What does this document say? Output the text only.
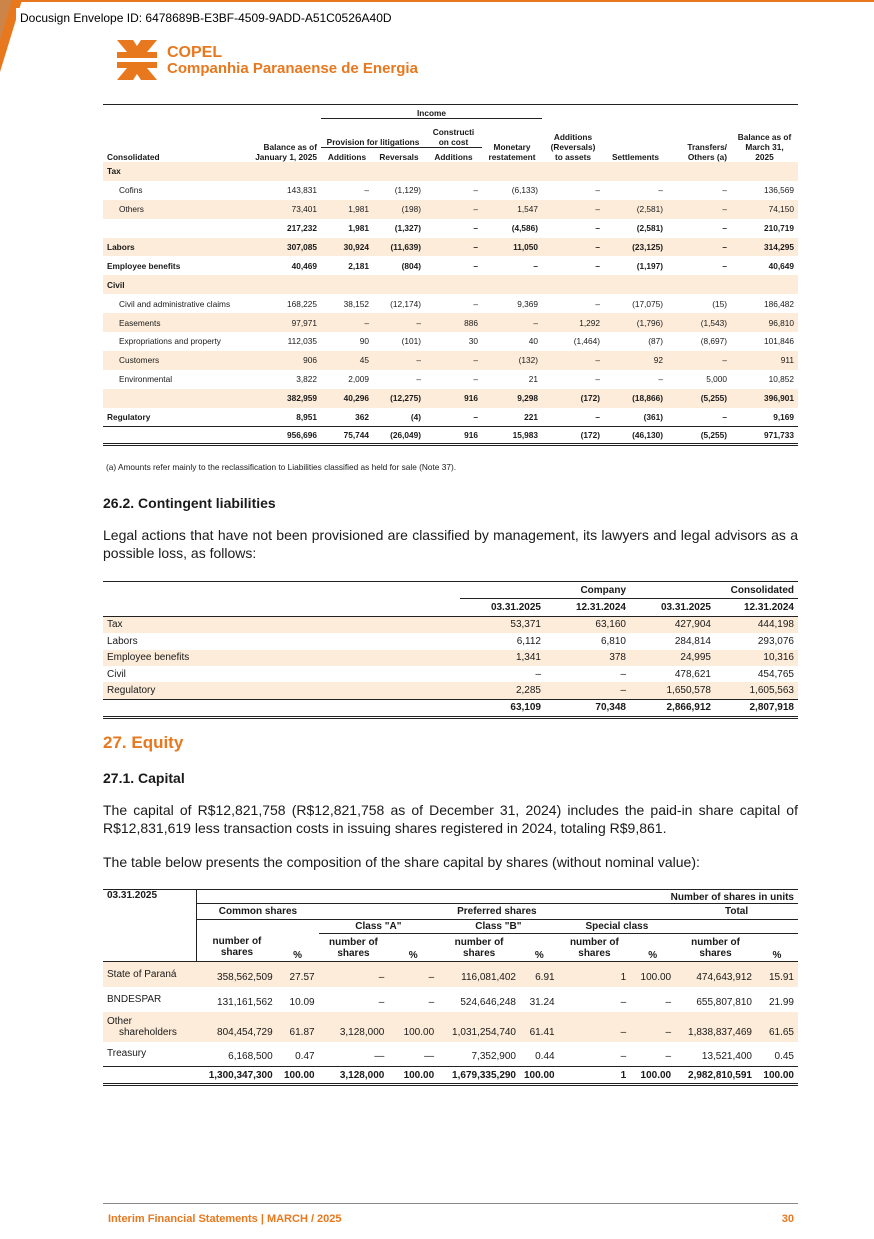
Docusign Envelope ID: 6478689B-E3BF-4509-9ADD-A51C0526A40D
COPEL
Companhia Paranaense de Energia
		Income							
Consolidated	Balance as of January 1, 2025	Provision for litigations		Constructi on cost	Monetary restatement	Additions (Reversals) to assets	Settlements	Transfers/ Others (a)	Balance as of March 31, 2025
		Additions	Reversals	Additions					
Tax									
Cofins	143,831	–	(1,129)	–	(6,133)	–	–	–	136,569
Others	73,401	1,981	(198)	–	1,547	–	(2,581)	–	74,150
	217,232	1,981	(1,327)	–	(4,586)	–	(2,581)	–	210,719
Labors	307,085	30,924	(11,639)	–	11,050	–	(23,125)	–	314,295
Employee benefits	40,469	2,181	(804)	–	–	–	(1,197)	–	40,649
Civil									
Civil and administrative claims	168,225	38,152	(12,174)	–	9,369	–	(17,075)	(15)	186,482
Easements	97,971	–	–	886	–	1,292	(1,796)	(1,543)	96,810
Expropriations and property	112,035	90	(101)	30	40	(1,464)	(87)	(8,697)	101,846
Customers	906	45	–	–	(132)	–	92	–	911
Environmental	3,822	2,009	–	–	21	–	–	5,000	10,852
	382,959	40,296	(12,275)	916	9,298	(172)	(18,866)	(5,255)	396,901
Regulatory	8,951	362	(4)	–	221	–	(361)	–	9,169
	956,696	75,744	(26,049)	916	15,983	(172)	(46,130)	(5,255)	971,733
(a) Amounts refer mainly to the reclassification to Liabilities classified as held for sale (Note 37).
26.2. Contingent liabilities
Legal actions that have not been provisioned are classified by management, its lawyers and legal advisors as a possible loss, as follows:
	Company		Consolidated	
	03.31.2025	12.31.2024	03.31.2025	12.31.2024
Tax	53,371	63,160	427,904	444,198
Labors	6,112	6,810	284,814	293,076
Employee benefits	1,341	378	24,995	10,316
Civil	–	–	478,621	454,765
Regulatory	2,285	–	1,650,578	1,605,563
	63,109	70,348	2,866,912	2,807,918
27. Equity
27.1. Capital
The capital of R$12,821,758 (R$12,821,758 as of December 31, 2024) includes the paid-in share capital of R$12,831,619 less transaction costs in issuing shares registered in 2024, totaling R$9,861.
The table below presents the composition of the share capital by shares (without nominal value):
03.31.2025	Number of shares in units									
	Common shares		Preferred shares						Total	
			Class "A"		Class "B"		Special class			
	number of shares	%	number of shares	%	number of shares	%	number of shares	%	number of shares	%
State of Paraná	358,562,509	27.57	–	–	116,081,402	6.91	1	100.00	474,643,912	15.91
BNDESPAR	131,161,562	10.09	–	–	524,646,248	31.24	–	–	655,807,810	21.99

Other
shareholders	804,454,729	61.87	3,128,000	100.00	1,031,254,740	61.41	–	–	1,838,837,469	61.65
Treasury	6,168,500	0.47	—	—	7,352,900	0.44	–	–	13,521,400	0.45
	1,300,347,300	100.00	3,128,000	100.00	1,679,335,290	100.00	1	100.00	2,982,810,591	100.00
Interim Financial Statements | MARCH / 2025	30
